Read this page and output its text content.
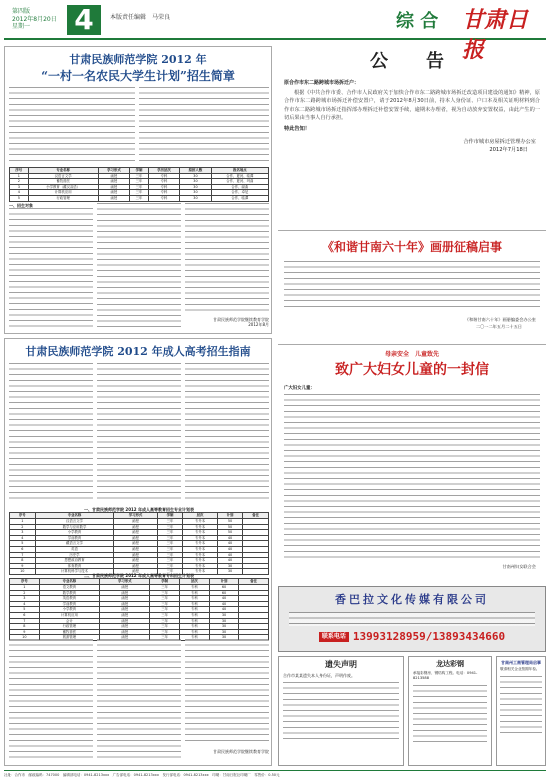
第四版
2012年8月20日
星期一	4	本版责任编辑　马荣良	综 合 甘肃日报
甘肃民族师范学院 2012 年
“一村一名农民大学生计划”招生简章
序号	专业名称	学习形式	学制	学历层次	拟招人数	报名地点
1	汉语言文学	函授	三年	专科	30	合作、夏河、临潭
2	畜牧兽医	函授	三年	专科	30	合作、夏河、玛曲
3	小学教育（藏汉双语）	函授	三年	专科	30	合作、碌曲
4	计算机应用	函授	三年	专科	30	合作、卓尼
5	行政管理	函授	三年	专科	30	合作、临潭
一、招生对象
甘肃民族师范学院继续教育学院
2012年8月
甘肃民族师范学院 2012 年成人高考招生指南
一、甘肃民族师范学院 2012 年成人高等教育招生专业计划表
序号	专业名称	学习形式	学制	层次	计划	备注
1	汉语言文学	函授	三年	专升本	50	
2	数学与应用数学	函授	三年	专升本	50	
3	小学教育	函授	三年	专升本	50	
4	学前教育	函授	三年	专升本	40	
5	藏语言文学	函授	三年	专升本	40	
6	英语	函授	三年	专升本	40	
7	历史学	函授	三年	专升本	40	
8	思想政治教育	函授	三年	专升本	40	
9	体育教育	函授	三年	专升本	30	
10	计算机科学与技术	函授	三年	专升本	30	
二、甘肃民族师范学院 2012 年成人高等教育专科招生计划表
序号	专业名称	学习形式	学制	层次	计划	备注
1	语文教育	函授	三年	专科	60	
2	数学教育	函授	三年	专科	60	
3	英语教育	函授	三年	专科	40	
4	学前教育	函授	三年	专科	40	
5	小学教育	函授	三年	专科	40	
6	计算机应用	函授	三年	专科	30	
7	会计	函授	三年	专科	30	
8	行政管理	函授	三年	专科	30	
9	畜牧兽医	函授	三年	专科	30	
10	旅游管理	函授	三年	专科	30	
甘肃民族师范学院继续教育学院
公　告
原合作市东二路跨城市场拆迁户：
根据《中共合作市委、合作市人民政府关于加快合作市东二路跨城市场拆迁改造项目建设的通知》精神，原合作市东二路跨城市场拆迁补偿安置户，请于2012年8月30日前，持本人身份证、户口本及相关证明材料到合作市东二路跨城市场拆迁指挥部办理拆迁补偿安置手续，逾期未办理者，视为自动放弃安置权益，由此产生的一切后果由当事人自行承担。
特此告知！
合作市城市房屋拆迁管理办公室
2012年7月18日
《和谐甘南六十年》画册征稿启事
《和谐甘南六十年》画册编委会办公室
二〇一二年五月二十五日
母亲安全　儿童致先
致广大妇女儿童的一封信
广大妇女儿童：
甘南州妇女联合会
香巴拉文化传媒有限公司
联系电话 13993128959/13893434660
遗失声明
合作市某某遗失本人身份证，声明作废。
龙达彩钢
承接彩钢房、钢结构工程。电话：0941-8213588
甘南州工商管理局启事
敬请相关企业按期年检。
社址：合作市　邮政编码：747000　编辑部电话：0941-8213xxx　广告部电话：0941-8213xxx　发行部电话：0941-8213xxx　印刷：甘南日报社印刷厂　零售价：0.50元
